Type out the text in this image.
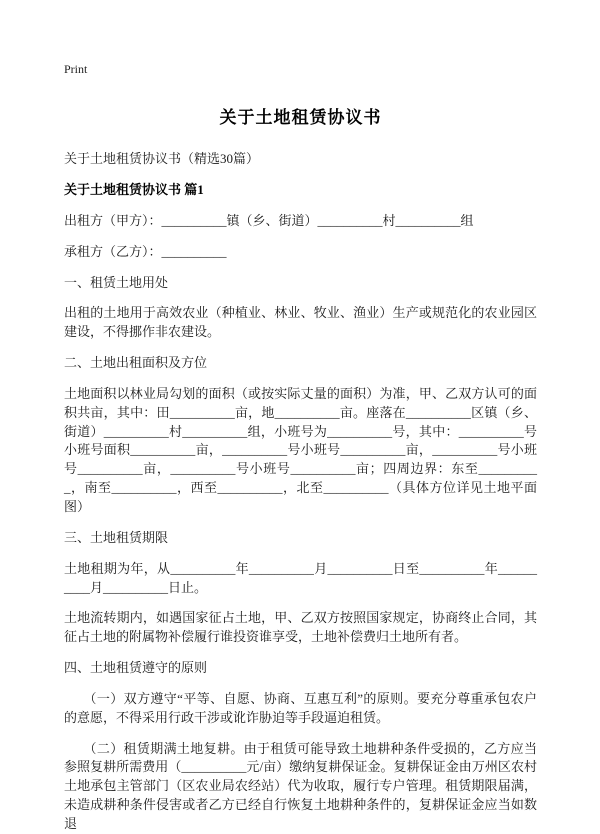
Print
关于土地租赁协议书
关于土地租赁协议书（精选30篇）

关于土地租赁协议书 篇1

出租方（甲方）：__________镇（乡、街道）__________村__________组

承租方（乙方）：__________

一、租赁土地用处

出租的土地用于高效农业（种植业、林业、牧业、渔业）生产或规范化的农业园区建设，不得挪作非农建设。

二、土地出租面积及方位

土地面积以林业局勾划的面积（或按实际丈量的面积）为准，甲、乙双方认可的面积共亩，其中：田__________亩，地__________亩。座落在__________区镇（乡、街道）__________村__________组，小班号为__________号，其中：__________号小班号面积__________亩，__________号小班号__________亩，__________号小班号__________亩，__________号小班号__________亩；四周边界：东至__________，南至__________，西至__________，北至__________（具体方位详见土地平面图）

三、土地租赁期限

土地租期为年，从__________年__________月__________日至__________年__________月__________日止。

土地流转期内，如遇国家征占土地，甲、乙双方按照国家规定，协商终止合同，其征占土地的附属物补偿履行谁投资谁享受，土地补偿费归土地所有者。

四、土地租赁遵守的原则

（一）双方遵守“平等、自愿、协商、互惠互利”的原则。要充分尊重承包农户的意愿，不得采用行政干涉或讹诈胁迫等手段逼迫租赁。

（二）租赁期满土地复耕。由于租赁可能导致土地耕种条件受损的，乙方应当参照复耕所需费用（__________元/亩）缴纳复耕保证金。复耕保证金由万州区农村土地承包主管部门（区农业局农经站）代为收取，履行专户管理。租赁期限届满，未造成耕种条件侵害或者乙方已经自行恢复土地耕种条件的，复耕保证金应当如数退
